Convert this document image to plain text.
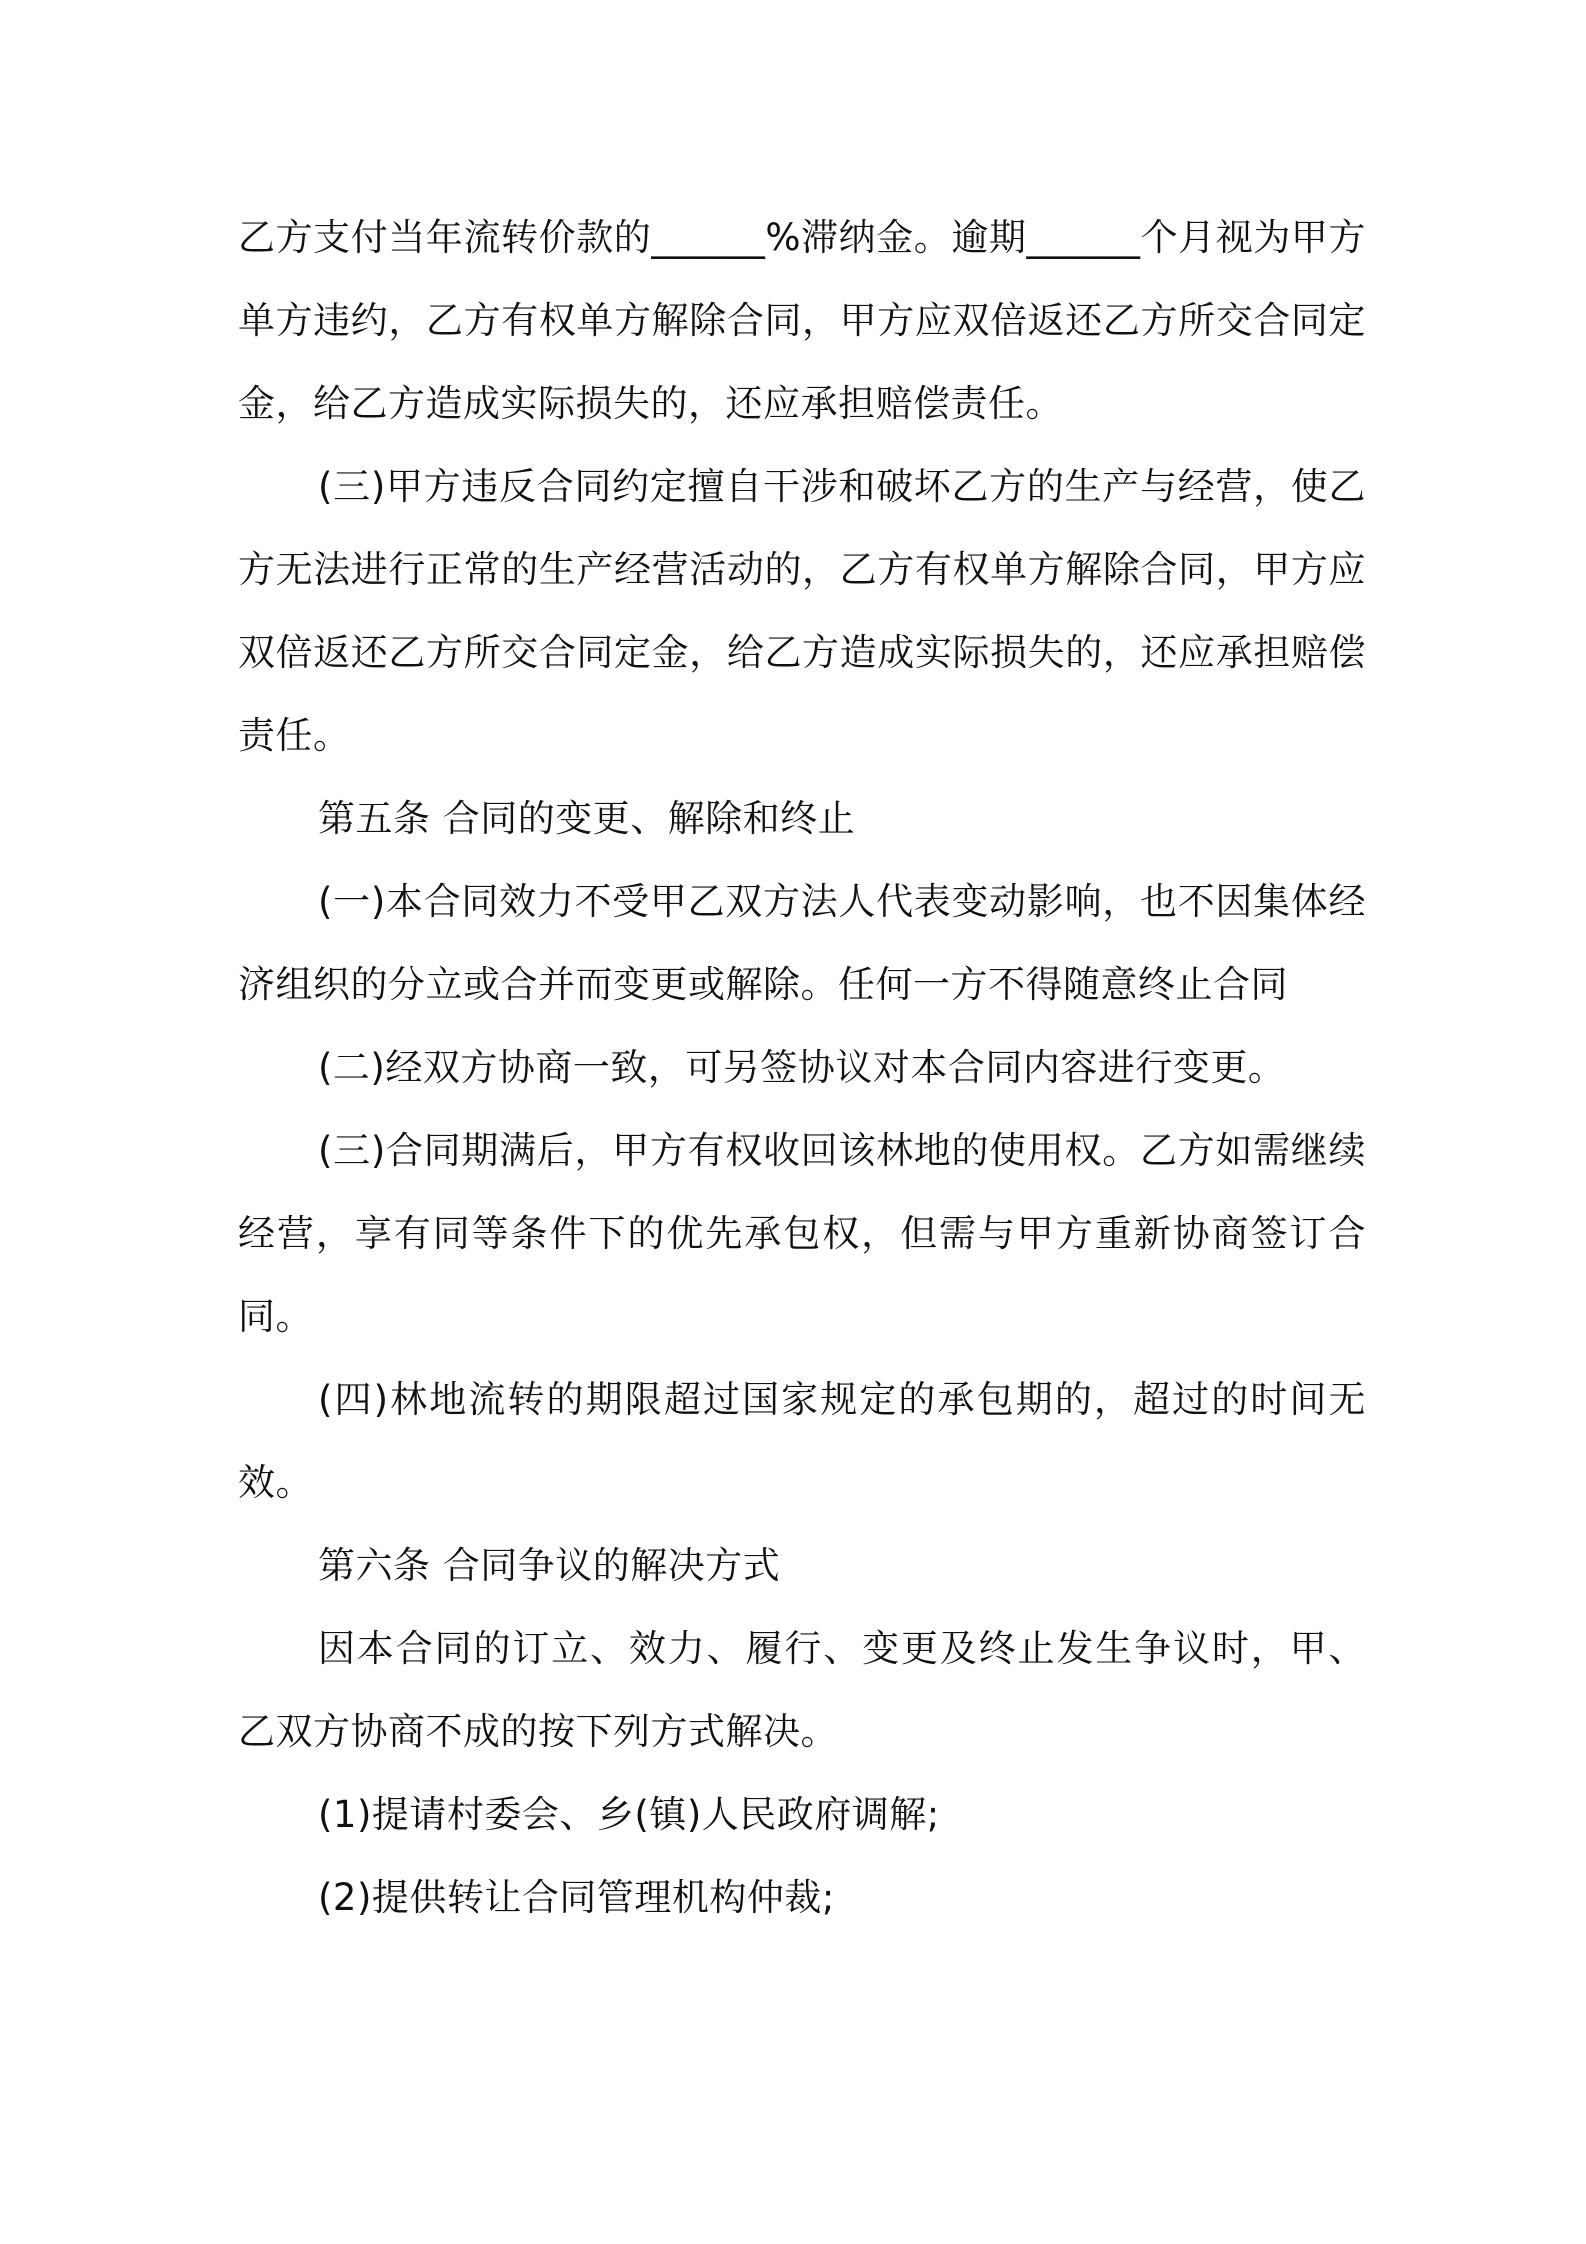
乙方支付当年流转价款的______%滞纳金。逾期______个月视为甲方单方违约，乙方有权单方解除合同，甲方应双倍返还乙方所交合同定金，给乙方造成实际损失的，还应承担赔偿责任。

(三)甲方违反合同约定擅自干涉和破坏乙方的生产与经营，使乙方无法进行正常的生产经营活动的，乙方有权单方解除合同，甲方应双倍返还乙方所交合同定金，给乙方造成实际损失的，还应承担赔偿责任。

第五条 合同的变更、解除和终止

(一)本合同效力不受甲乙双方法人代表变动影响，也不因集体经济组织的分立或合并而变更或解除。任何一方不得随意终止合同

(二)经双方协商一致，可另签协议对本合同内容进行变更。

(三)合同期满后，甲方有权收回该林地的使用权。乙方如需继续经营，享有同等条件下的优先承包权，但需与甲方重新协商签订合同。

(四)林地流转的期限超过国家规定的承包期的，超过的时间无效。

第六条 合同争议的解决方式

因本合同的订立、效力、履行、变更及终止发生争议时，甲、乙双方协商不成的按下列方式解决。

(1)提请村委会、乡(镇)人民政府调解;

(2)提供转让合同管理机构仲裁;
